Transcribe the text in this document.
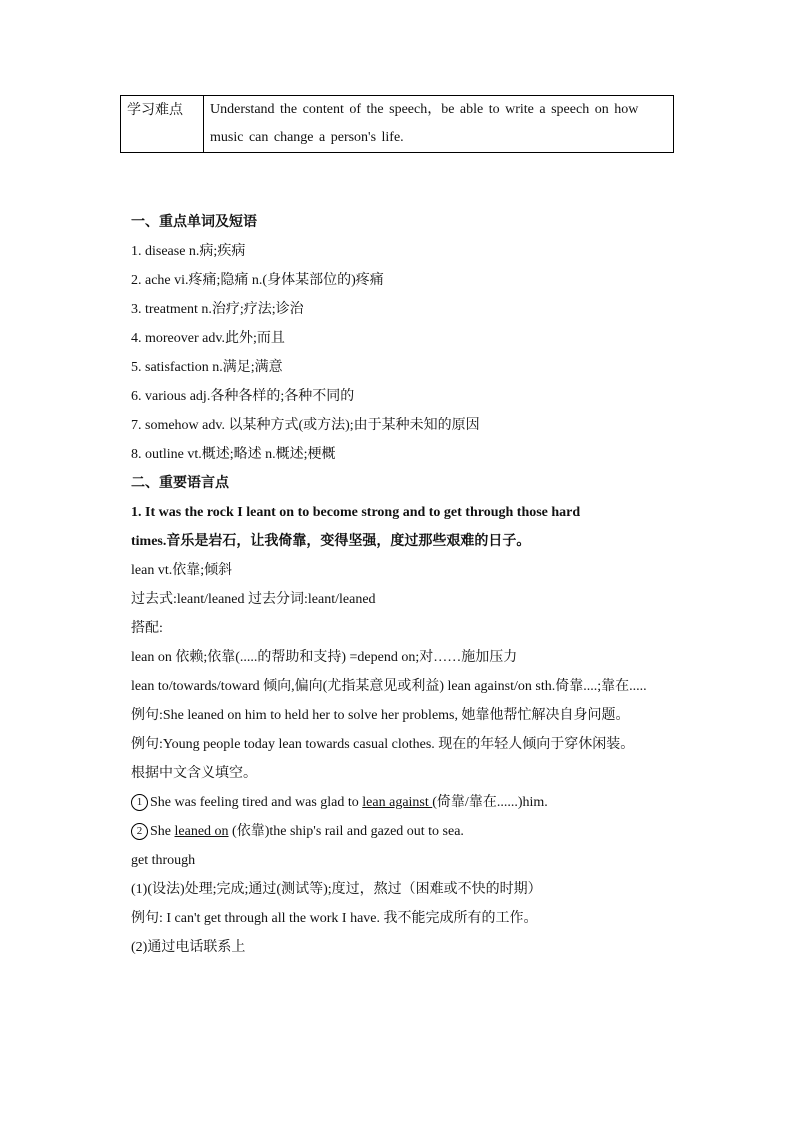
学习难点	Understand the content of the speech，be able to write a speech on how music can change a person's life.
一、重点单词及短语
1. disease n.病;疾病
2. ache vi.疼痛;隐痛 n.(身体某部位的)疼痛
3. treatment n.治疗;疗法;诊治
4. moreover adv.此外;而且
5. satisfaction n.满足;满意
6. various adj.各种各样的;各种不同的
7. somehow adv. 以某种方式(或方法);由于某种未知的原因
8. outline vt.概述;略述 n.概述;梗概
二、重要语言点
1. It was the rock I leant on to become strong and to get through those hard
times.音乐是岩石，让我倚靠，变得坚强，度过那些艰难的日子。
lean vt.依靠;倾斜
过去式:leant/leaned 过去分词:leant/leaned
搭配:
lean on 依赖;依靠(.....的帮助和支持) =depend on;对……施加压力
lean to/towards/toward 倾向,偏向(尤指某意见或利益) lean against/on sth.倚靠....;靠在.....
例句:She leaned on him to held her to solve her problems, 她靠他帮忙解决自身问题。
例句:Young people today lean towards casual clothes. 现在的年轻人倾向于穿休闲装。
根据中文含义填空。
1 She was feeling tired and was glad to lean against (倚靠/靠在......)him.
2 She leaned on (依靠)the ship's rail and gazed out to sea.
get through
(1)(设法)处理;完成;通过(测试等);度过，熬过（困难或不快的时期）
例句: I can't get through all the work I have. 我不能完成所有的工作。
(2)通过电话联系上
